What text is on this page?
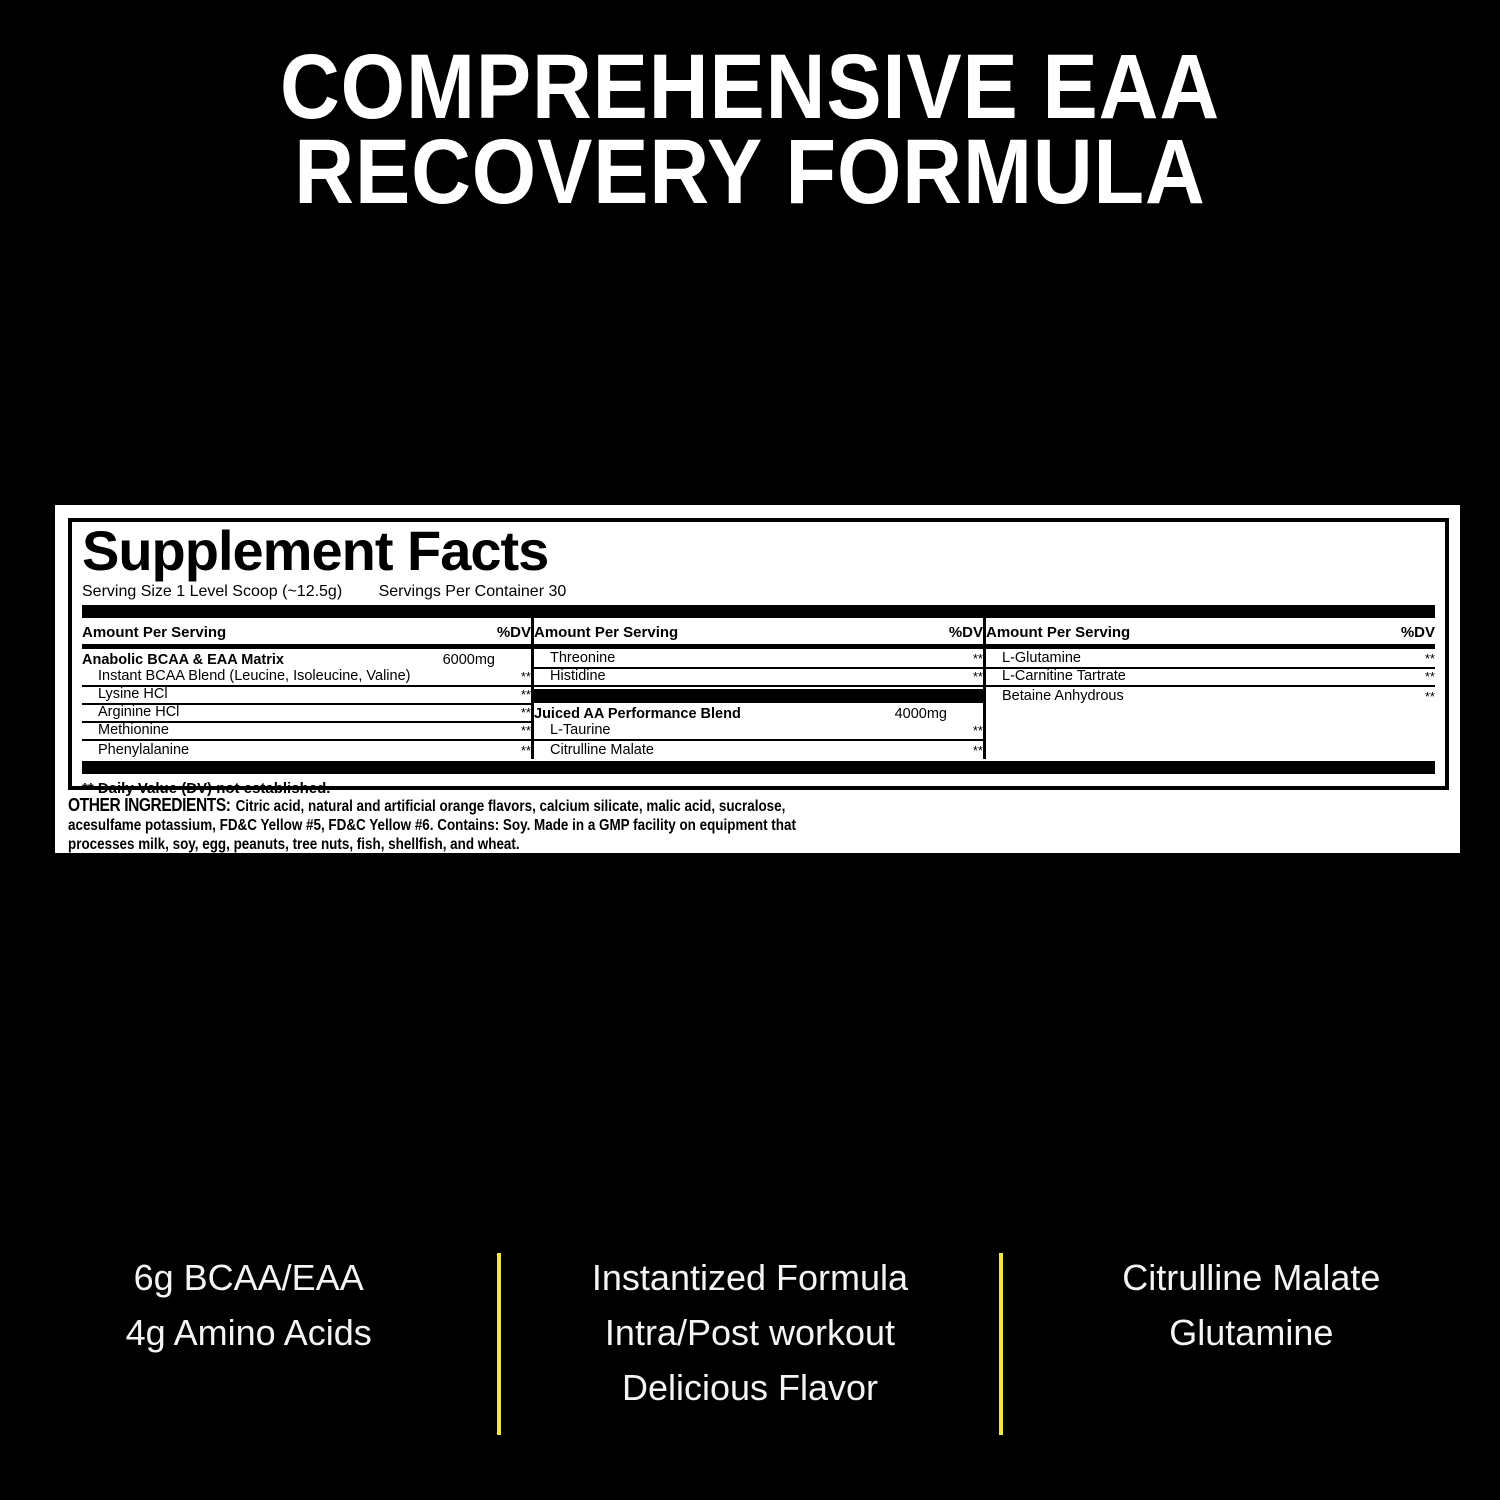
COMPREHENSIVE EAA
RECOVERY FORMULA
Supplement Facts
Serving Size 1 Level Scoop (~12.5g) Servings Per Container 30
Amount Per Serving	%DV
Anabolic BCAA & EAA Matrix	6000mg
Instant BCAA Blend (Leucine, Isoleucine, Valine)	**
Lysine HCl	**
Arginine HCl	**
Methionine	**
Phenylalanine	**
Amount Per Serving	%DV
Threonine	**
Histidine	**
Juiced AA Performance Blend	4000mg
L-Taurine	**
Citrulline Malate	**
Amount Per Serving	%DV
L-Glutamine	**
L-Carnitine Tartrate	**
Betaine Anhydrous	**
** Daily Value (DV) not established.
OTHER INGREDIENTS: Citric acid, natural and artificial orange flavors, calcium silicate, malic acid, sucralose,
acesulfame potassium, FD&C Yellow #5, FD&C Yellow #6. Contains: Soy. Made in a GMP facility on equipment that
processes milk, soy, egg, peanuts, tree nuts, fish, shellfish, and wheat.
6g BCAA/EAA
4g Amino Acids
Instantized Formula
Intra/Post workout
Delicious Flavor
Citrulline Malate
Glutamine
